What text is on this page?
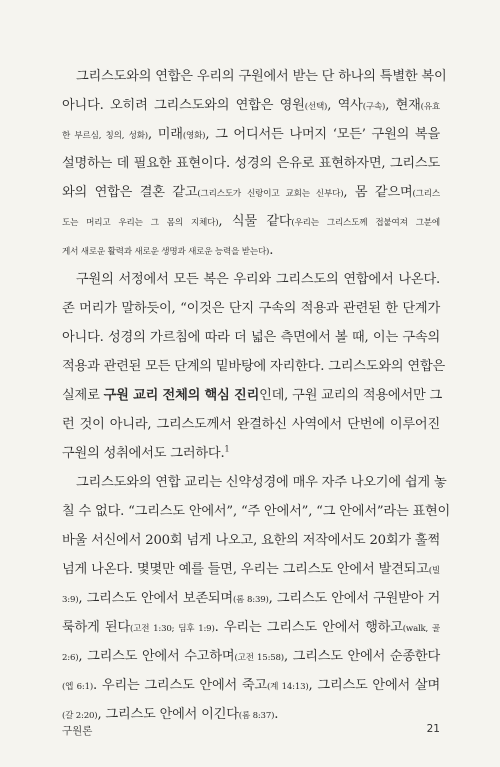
그리스도와의 연합은 우리의 구원에서 받는 단 하나의 특별한 복이
아니다. 오히려 그리스도와의 연합은 영원(선택), 역사(구속), 현재(유효
한 부르심, 칭의, 성화), 미래(영화), 그 어디서든 나머지 ‘모든’ 구원의 복을
설명하는 데 필요한 표현이다. 성경의 은유로 표현하자면, 그리스도
와의 연합은 결혼 같고(그리스도가 신랑이고 교회는 신부다), 몸 같으며(그리스
도는 머리고 우리는 그 몸의 지체다), 식물 같다(우리는 그리스도께 접붙여져 그분에
게서 새로운 활력과 새로운 생명과 새로운 능력을 받는다).
구원의 서정에서 모든 복은 우리와 그리스도의 연합에서 나온다.
존 머리가 말하듯이, “이것은 단지 구속의 적용과 관련된 한 단계가
아니다. 성경의 가르침에 따라 더 넓은 측면에서 볼 때, 이는 구속의
적용과 관련된 모든 단계의 밑바탕에 자리한다. 그리스도와의 연합은
실제로 구원 교리 전체의 핵심 진리인데, 구원 교리의 적용에서만 그
런 것이 아니라, 그리스도께서 완결하신 사역에서 단번에 이루어진
구원의 성취에서도 그러하다.$^1$
그리스도와의 연합 교리는 신약성경에 매우 자주 나오기에 쉽게 놓
칠 수 없다. “그리스도 안에서”, “주 안에서”, “그 안에서”라는 표현이
바울 서신에서 200회 넘게 나오고, 요한의 저작에서도 20회가 훌쩍
넘게 나온다. 몇몇만 예를 들면, 우리는 그리스도 안에서 발견되고(빌
3:9), 그리스도 안에서 보존되며(롬 8:39), 그리스도 안에서 구원받아 거
룩하게 된다(고전 1:30; 딤후 1:9). 우리는 그리스도 안에서 행하고(walk, 골
2:6), 그리스도 안에서 수고하며(고전 15:58), 그리스도 안에서 순종한다
(엡 6:1). 우리는 그리스도 안에서 죽고(계 14:13), 그리스도 안에서 살며
(갈 2:20), 그리스도 안에서 이긴다(롬 8:37).
구원론	21
